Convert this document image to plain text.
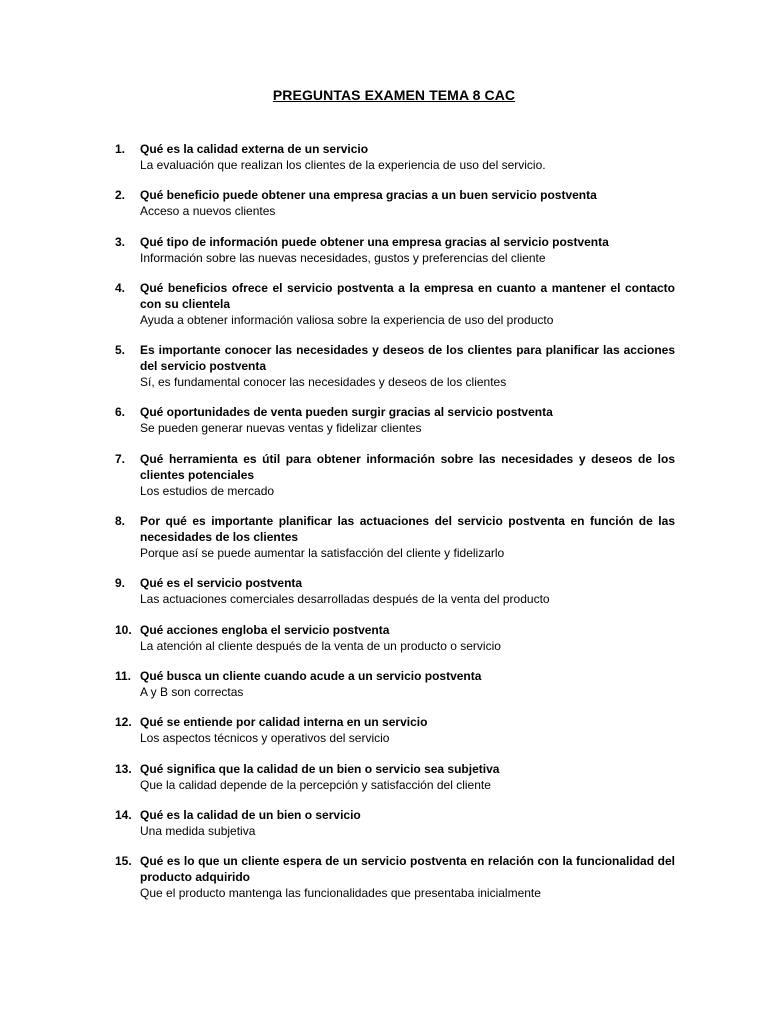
PREGUNTAS EXAMEN TEMA 8 CAC
1. Qué es la calidad externa de un servicio
La evaluación que realizan los clientes de la experiencia de uso del servicio.
2. Qué beneficio puede obtener una empresa gracias a un buen servicio postventa
Acceso a nuevos clientes
3. Qué tipo de información puede obtener una empresa gracias al servicio postventa
Información sobre las nuevas necesidades, gustos y preferencias del cliente
4. Qué beneficios ofrece el servicio postventa a la empresa en cuanto a mantener el contacto con su clientela
Ayuda a obtener información valiosa sobre la experiencia de uso del producto
5. Es importante conocer las necesidades y deseos de los clientes para planificar las acciones del servicio postventa
Sí, es fundamental conocer las necesidades y deseos de los clientes
6. Qué oportunidades de venta pueden surgir gracias al servicio postventa
Se pueden generar nuevas ventas y fidelizar clientes
7. Qué herramienta es útil para obtener información sobre las necesidades y deseos de los clientes potenciales
Los estudios de mercado
8. Por qué es importante planificar las actuaciones del servicio postventa en función de las necesidades de los clientes
Porque así se puede aumentar la satisfacción del cliente y fidelizarlo
9. Qué es el servicio postventa
Las actuaciones comerciales desarrolladas después de la venta del producto
10. Qué acciones engloba el servicio postventa
La atención al cliente después de la venta de un producto o servicio
11. Qué busca un cliente cuando acude a un servicio postventa
A y B son correctas
12. Qué se entiende por calidad interna en un servicio
Los aspectos técnicos y operativos del servicio
13. Qué significa que la calidad de un bien o servicio sea subjetiva
Que la calidad depende de la percepción y satisfacción del cliente
14. Qué es la calidad de un bien o servicio
Una medida subjetiva
15. Qué es lo que un cliente espera de un servicio postventa en relación con la funcionalidad del producto adquirido
Que el producto mantenga las funcionalidades que presentaba inicialmente
